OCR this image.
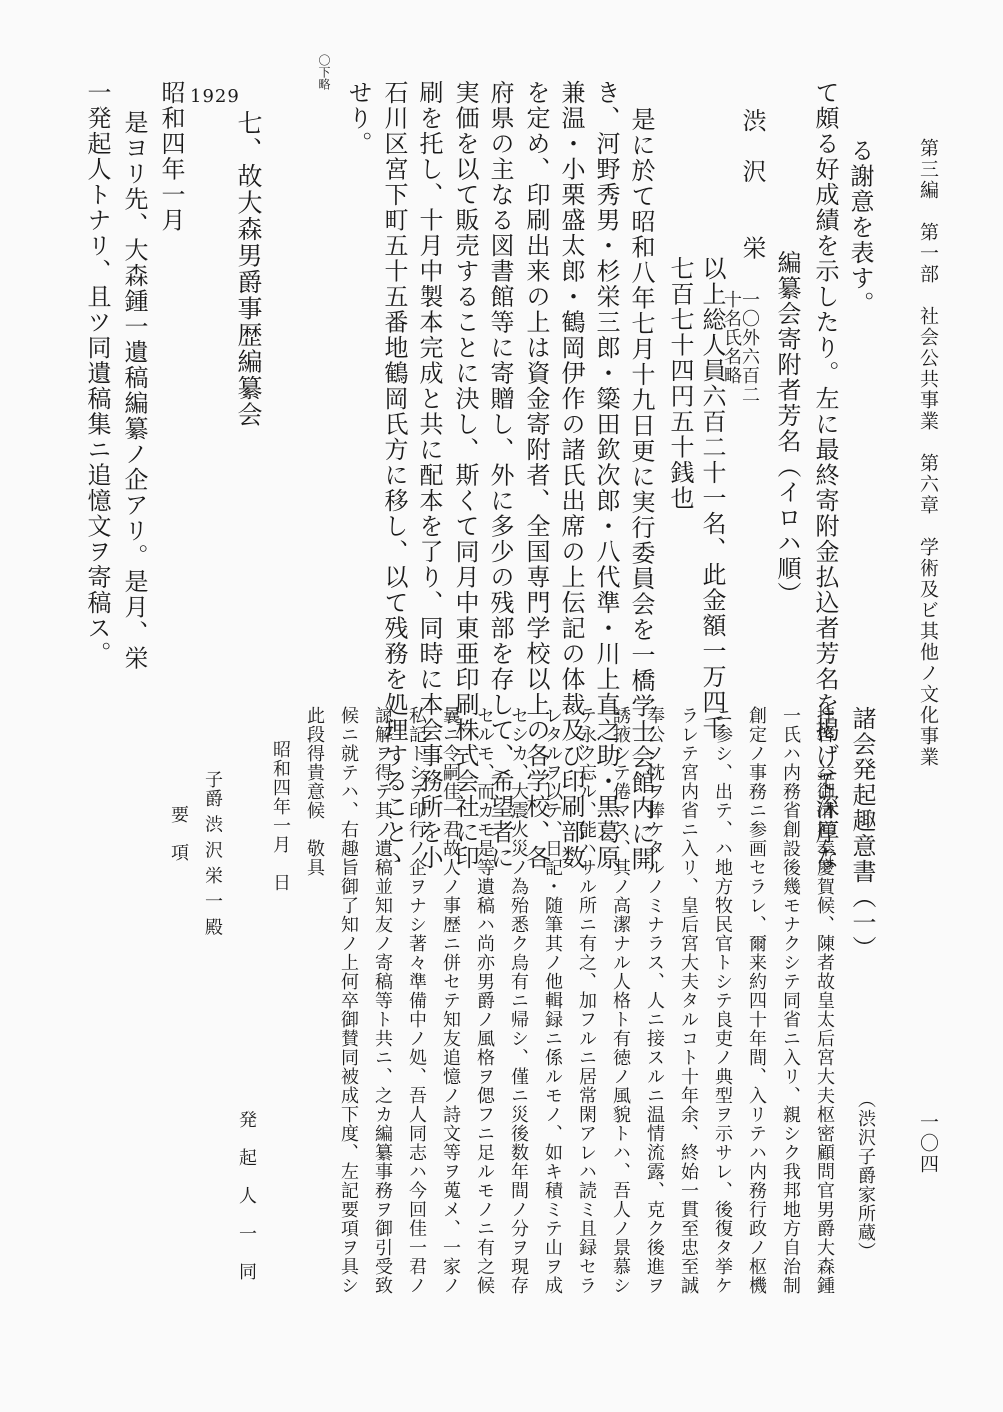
第三編　第一部　社会公共事業　第六章　学術及ビ其他ノ文化事業
一〇四
る謝意を表す。
て頗る好成績を示したり。左に最終寄附金払込者芳名を掲げて深厚な
編纂会寄附者芳名（イロハ順）
渋　沢　　栄
一〇外六百二
十名氏名略
以上総人員六百二十一名、此金額一万四千
七百七十四円五十銭也
是に於て昭和八年七月十九日更に実行委員会を一橋学士会館内に開
き、河野秀男・杉栄三郎・簗田欽次郎・八代準・川上直之助・黒葛原
兼温・小栗盛太郎・鶴岡伊作の諸氏出席の上伝記の体裁及び印刷部数
を定め、印刷出来の上は資金寄附者、全国専門学校以上の各学校、各
府県の主なる図書館等に寄贈し、外に多少の残部を存して、希望者に
実価を以て販売することに決し、斯くて同月中東亜印刷株式会社に印
刷を托し、十月中製本完成と共に配本を了り、同時に本会事務所を小
石川区宮下町五十五番地鶴岡氏方に移し、以て残務を処理することゝ
せり。
〇下略
七、故大森男爵事歴編纂会
1929
昭和四年一月
是ヨリ先、大森鍾一遺稿編纂ノ企アリ。是月、栄
一発起人トナリ、且ツ同遺稿集ニ追憶文ヲ寄稿ス。
諸会発起趣意書（一）
（渋沢子爵家所蔵）
拝啓　益御清祥奉慶賀候、陳者故皇太后宮大夫枢密顧問官男爵大森鍾
一氏ハ内務省創設後幾モナクシテ同省ニ入リ、親シク我邦地方自治制
創定ノ事務ニ参画セラレ、爾来約四十年間、入リテハ内務行政ノ枢機
ニ参シ、出テ、ハ地方牧民官トシテ良吏ノ典型ヲ示サレ、後復タ挙ケ
ラレテ宮内省ニ入リ、皇后宮大夫タルコト十年余、終始一貫至忠至誠
奉公ノ忱ヲ捧ケタルノミナラス、人ニ接スルニ温情流露、克ク後進ヲ
誘掖シテ倦マス、其ノ高潔ナル人格ト有徳ノ風貌トハ、吾人ノ景慕シ
テ永ク忘ル、能ハサル所ニ有之、加フルニ居常閑アレハ読ミ且録セラ
レタルヲ以テ、日記・随筆其ノ他輯録ニ係ルモノ、如キ積ミテ山ヲ成
セシカ、大震火災ノ為殆悉ク烏有ニ帰シ、僅ニ災後数年間ノ分ヲ現存
セルモ、而カモ是等遺稿ハ尚亦男爵ノ風格ヲ偲フニ足ルモノニ有之候
曩ニ令嗣佳一君故人ノ事歴ニ併セテ知友追憶ノ詩文等ヲ蒐メ、一家ノ
私記トシテ印行ノ企ヲナシ著々準備中ノ処、吾人同志ハ今回佳一君ノ
諒解ヲ得テ其ノ遺稿並知友ノ寄稿等ト共ニ、之カ編纂事務ヲ御引受致
候ニ就テハ、右趣旨御了知ノ上何卒御賛同被成下度、左記要項ヲ具シ
此段得貴意候　敬具
昭和四年一月　日
発　起　人　一　同
子爵 渋 沢 栄 一 殿
要　項
